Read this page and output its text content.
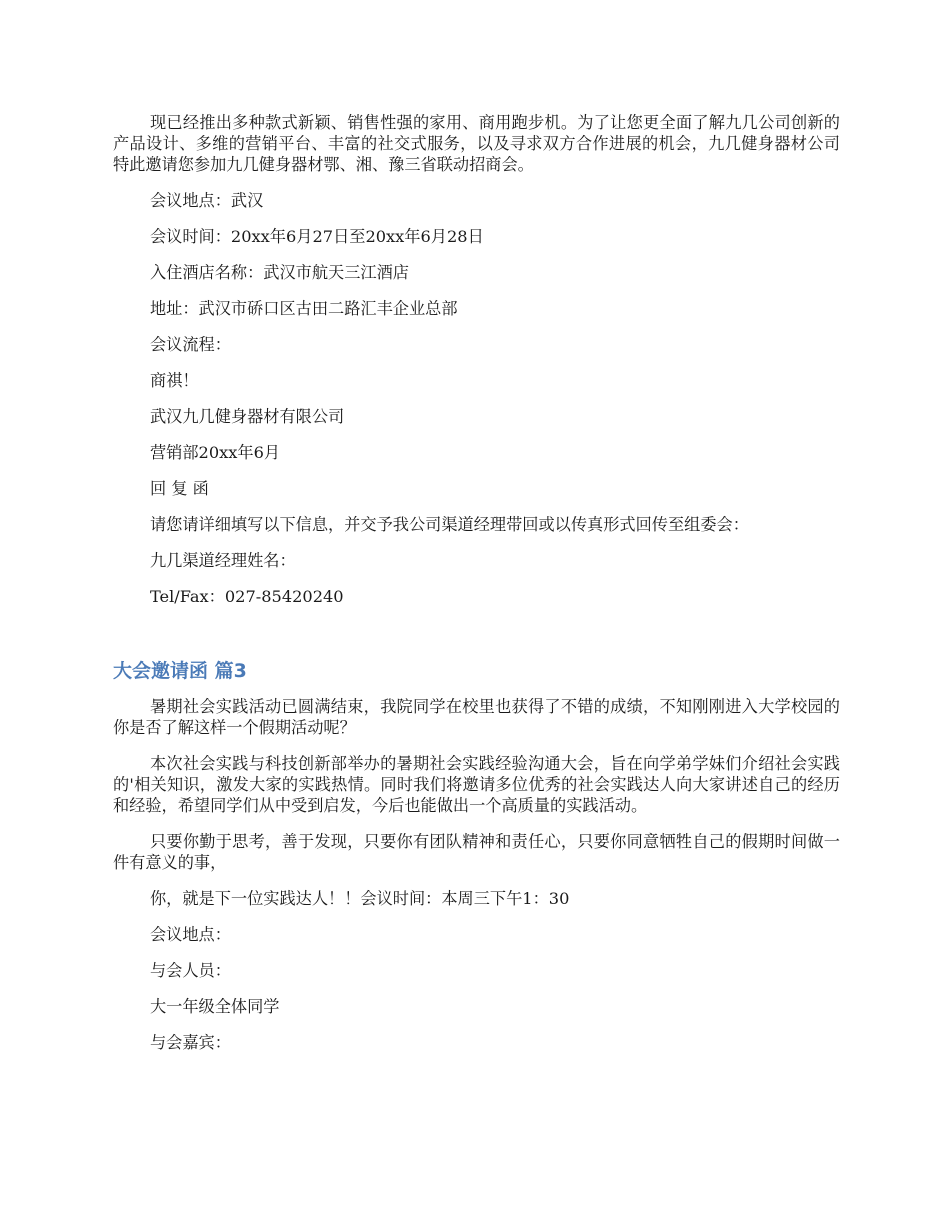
现已经推出多种款式新颖、销售性强的家用、商用跑步机。为了让您更全面了解九几公司创新的产品设计、多维的营销平台、丰富的社交式服务，以及寻求双方合作进展的机会，九几健身器材公司特此邀请您参加九几健身器材鄂、湘、豫三省联动招商会。

会议地点：武汉

会议时间：20xx年6月27日至20xx年6月28日

入住酒店名称：武汉市航天三江酒店

地址：武汉市硚口区古田二路汇丰企业总部

会议流程：

商祺！

武汉九几健身器材有限公司

营销部20xx年6月

回 复 函

请您请详细填写以下信息，并交予我公司渠道经理带回或以传真形式回传至组委会：

九几渠道经理姓名：

Tel/Fax：027-85420240

大会邀请函 篇3

暑期社会实践活动已圆满结束，我院同学在校里也获得了不错的成绩，不知刚刚进入大学校园的你是否了解这样一个假期活动呢？

本次社会实践与科技创新部举办的暑期社会实践经验沟通大会，旨在向学弟学妹们介绍社会实践的'相关知识，激发大家的实践热情。同时我们将邀请多位优秀的社会实践达人向大家讲述自己的经历和经验，希望同学们从中受到启发，今后也能做出一个高质量的实践活动。

只要你勤于思考，善于发现，只要你有团队精神和责任心，只要你同意牺牲自己的假期时间做一件有意义的事，

你，就是下一位实践达人！！会议时间：本周三下午1：30

会议地点：

与会人员：

大一年级全体同学

与会嘉宾：
